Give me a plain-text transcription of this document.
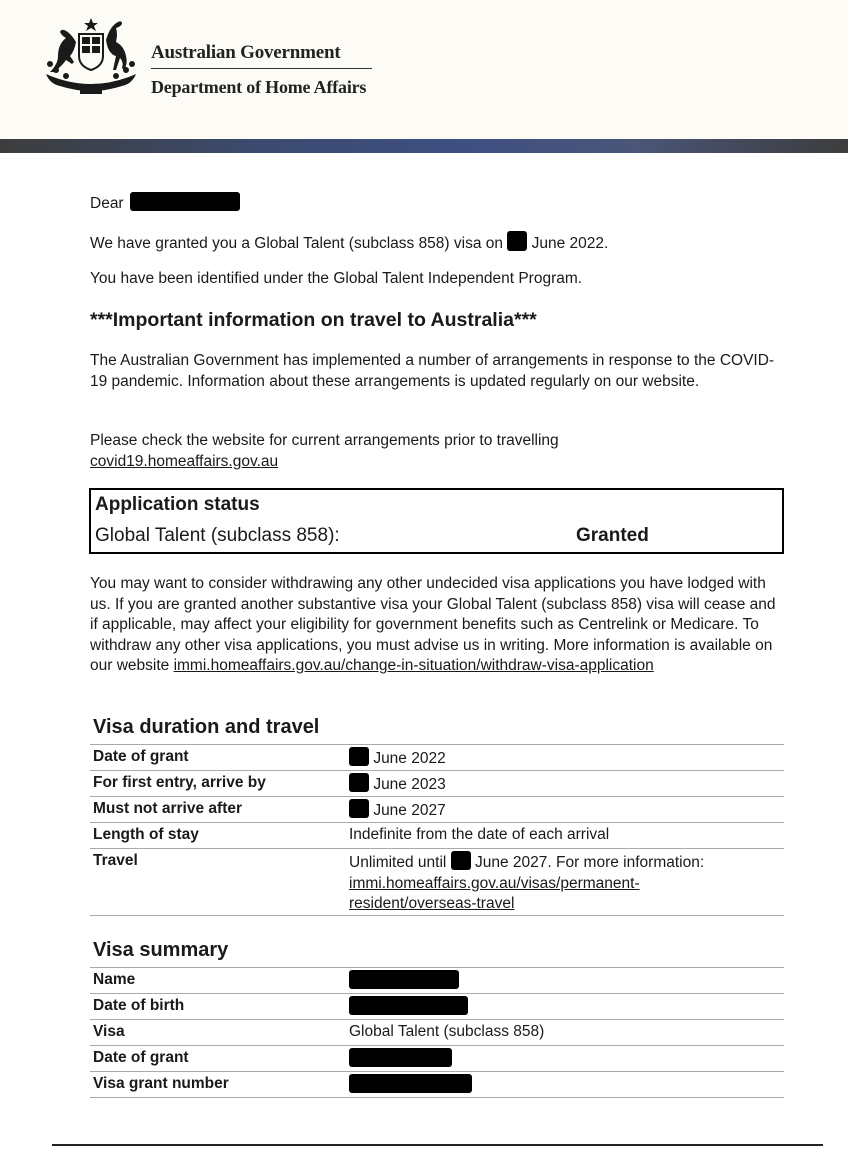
Australian Government
Department of Home Affairs
Dear
We have granted you a Global Talent (subclass 858) visa on June 2022.
You have been identified under the Global Talent Independent Program.
***Important information on travel to Australia***
The Australian Government has implemented a number of arrangements in response to the COVID-19 pandemic. Information about these arrangements is updated regularly on our website.
Please check the website for current arrangements prior to travelling
covid19.homeaffairs.gov.au
Application status
Global Talent (subclass 858):	Granted
You may want to consider withdrawing any other undecided visa applications you have lodged with us. If you are granted another substantive visa your Global Talent (subclass 858) visa will cease and if applicable, may affect your eligibility for government benefits such as Centrelink or Medicare. To withdraw any other visa applications, you must advise us in writing. More information is available on our website immi.homeaffairs.gov.au/change-in-situation/withdraw-visa-application
Visa duration and travel
Date of grant	June 2022
For first entry, arrive by	June 2023
Must not arrive after	June 2027
Length of stay	Indefinite from the date of each arrival
Travel	Unlimited until June 2027. For more information:
immi.homeaffairs.gov.au/visas/permanent-resident/overseas-travel
Visa summary
Name
Date of birth
Visa	Global Talent (subclass 858)
Date of grant
Visa grant number
